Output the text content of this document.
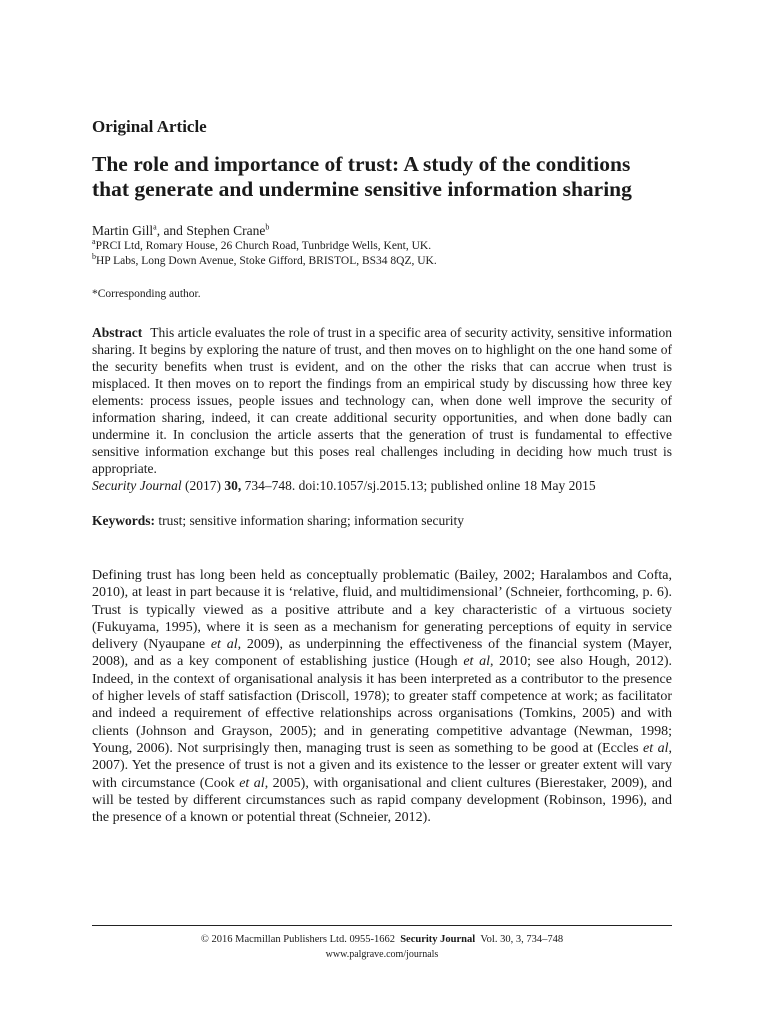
Original Article

The role and importance of trust: A study of the conditions that generate and undermine sensitive information sharing
Martin Gill$^a$, and Stephen Crane$^b$
$^a$PRCI Ltd, Romary House, 26 Church Road, Tunbridge Wells, Kent, UK.
$^b$HP Labs, Long Down Avenue, Stoke Gifford, BRISTOL, BS34 8QZ, UK.
*Corresponding author.
Abstract This article evaluates the role of trust in a specific area of security activity, sensitive information sharing. It begins by exploring the nature of trust, and then moves on to highlight on the one hand some of the security benefits when trust is evident, and on the other the risks that can accrue when trust is misplaced. It then moves on to report the findings from an empirical study by discussing how three key elements: process issues, people issues and technology can, when done well improve the security of information sharing, indeed, it can create additional security opportunities, and when done badly can undermine it. In conclusion the article asserts that the generation of trust is fundamental to effective sensitive information exchange but this poses real challenges including in deciding how much trust is appropriate.
Security Journal (2017) 30, 734–748. doi:10.1057/sj.2015.13; published online 18 May 2015
Keywords: trust; sensitive information sharing; information security
Defining trust has long been held as conceptually problematic (Bailey, 2002; Haralambos and Cofta, 2010), at least in part because it is ‘relative, fluid, and multidimensional’ (Schneier, forthcoming, p. 6). Trust is typically viewed as a positive attribute and a key characteristic of a virtuous society (Fukuyama, 1995), where it is seen as a mechanism for generating perceptions of equity in service delivery (Nyaupane et al, 2009), as underpinning the effectiveness of the financial system (Mayer, 2008), and as a key component of establishing justice (Hough et al, 2010; see also Hough, 2012). Indeed, in the context of organisational analysis it has been interpreted as a contributor to the presence of higher levels of staff satisfaction (Driscoll, 1978); to greater staff competence at work; as facilitator and indeed a requirement of effective relationships across organisations (Tomkins, 2005) and with clients (Johnson and Grayson, 2005); and in generating competitive advantage (Newman, 1998; Young, 2006). Not surprisingly then, managing trust is seen as something to be good at (Eccles et al, 2007). Yet the presence of trust is not a given and its existence to the lesser or greater extent will vary with circumstance (Cook et al, 2005), with organisational and client cultures (Bierestaker, 2009), and will be tested by different circumstances such as rapid company development (Robinson, 1996), and the presence of a known or potential threat (Schneier, 2012).
© 2016 Macmillan Publishers Ltd. 0955-1662 Security Journal Vol. 30, 3, 734–748
www.palgrave.com/journals
